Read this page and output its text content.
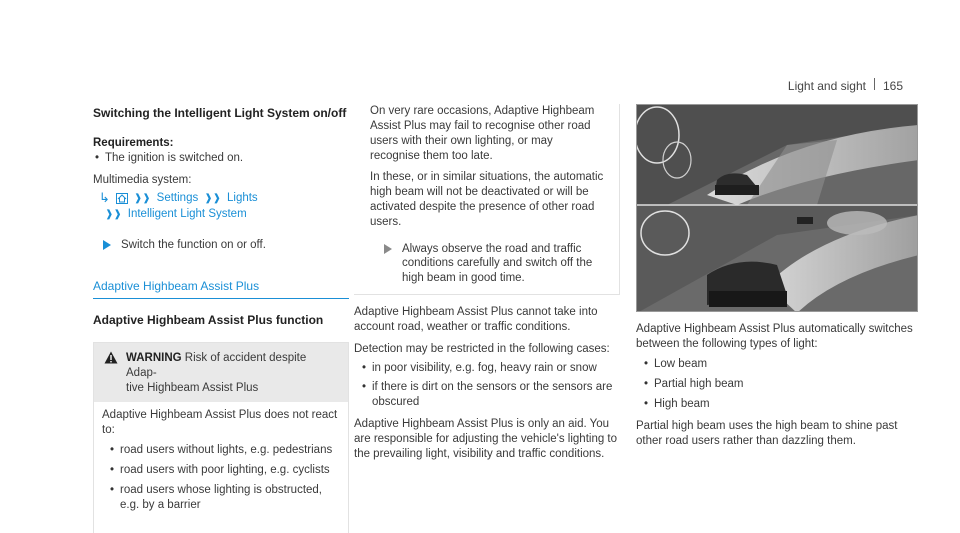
Light and sight 165
Switching the Intelligent Light System on/off
Requirements:
• The ignition is switched on.
Multimedia system:
↳ ❱❱ Settings ❱❱ Lights
❱❱ Intelligent Light System
Switch the function on or off.
Adaptive Highbeam Assist Plus
Adaptive Highbeam Assist Plus function
WARNING Risk of accident despite Adap-
tive Highbeam Assist Plus
Adaptive Highbeam Assist Plus does not react to:
• road users without lights, e.g. pedestrians
• road users with poor lighting, e.g. cyclists
• road users whose lighting is obstructed, e.g. by a barrier
On very rare occasions, Adaptive Highbeam Assist Plus may fail to recognise other road users with their own lighting, or may recognise them too late.
In these, or in similar situations, the automatic high beam will not be deactivated or will be activated despite the presence of other road users.
Always observe the road and traffic conditions carefully and switch off the high beam in good time.
Adaptive Highbeam Assist Plus cannot take into account road, weather or traffic conditions.
Detection may be restricted in the following cases:
• in poor visibility, e.g. fog, heavy rain or snow
• if there is dirt on the sensors or the sensors are obscured
Adaptive Highbeam Assist Plus is only an aid. You are responsible for adjusting the vehicle's lighting to the prevailing light, visibility and traffic conditions.
Adaptive Highbeam Assist Plus automatically switches between the following types of light:
• Low beam
• Partial high beam
• High beam
Partial high beam uses the high beam to shine past other road users rather than dazzling them.
